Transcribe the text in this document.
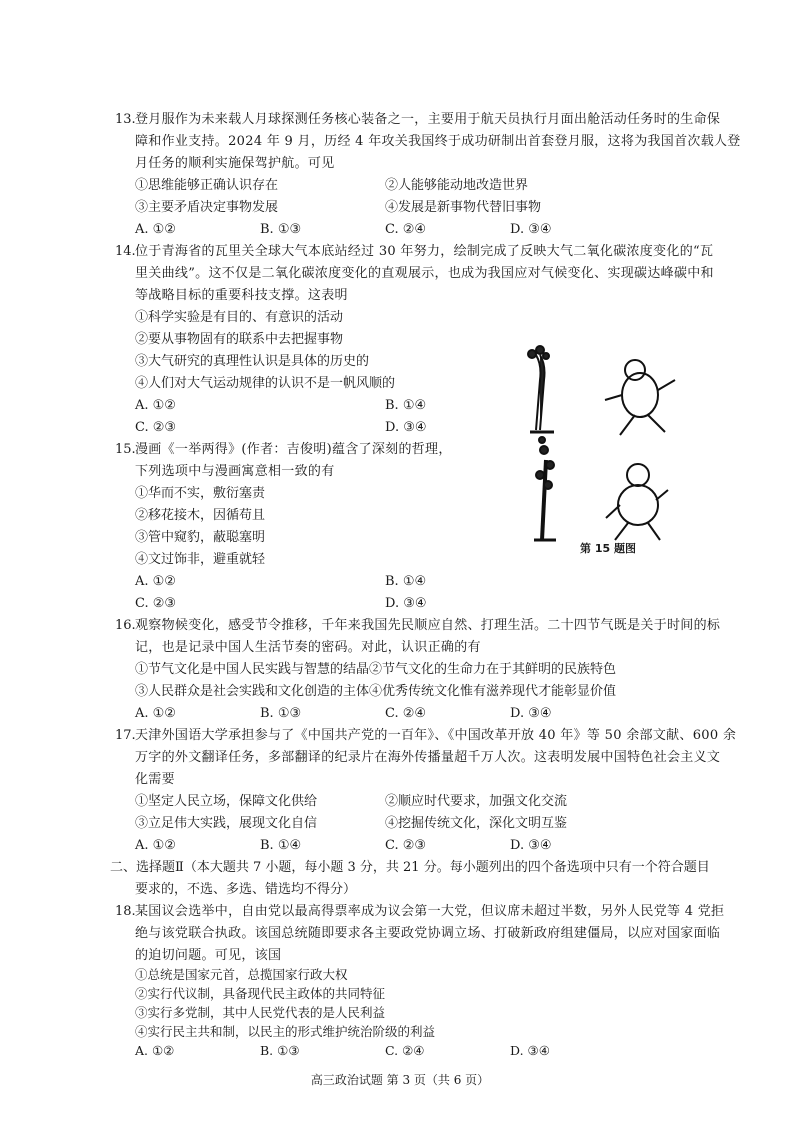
13. 登月服作为未来载人月球探测任务核心装备之一，主要用于航天员执行月面出舱活动任务时的生命保
障和作业支持。2024 年 9 月，历经 4 年攻关我国终于成功研制出首套登月服，这将为我国首次载人登
月任务的顺利实施保驾护航。可见
①思维能够正确认识存在	②人能够能动地改造世界
③主要矛盾决定事物发展	④发展是新事物代替旧事物
A. ①②	B. ①③	C. ②④	D. ③④
14. 位于青海省的瓦里关全球大气本底站经过 30 年努力，绘制完成了反映大气二氧化碳浓度变化的“瓦
里关曲线”。这不仅是二氧化碳浓度变化的直观展示，也成为我国应对气候变化、实现碳达峰碳中和
等战略目标的重要科技支撑。这表明
①科学实验是有目的、有意识的活动
②要从事物固有的联系中去把握事物
③大气研究的真理性认识是具体的历史的
④人们对大气运动规律的认识不是一帆风顺的
A. ①②	B. ①④
C. ②③	D. ③④
15. 漫画《一举两得》(作者：吉俊明)蕴含了深刻的哲理，
下列选项中与漫画寓意相一致的有
①华而不实，敷衍塞责
②移花接木，因循苟且
③管中窥豹，蔽聪塞明
④文过饰非，避重就轻
A. ①②	B. ①④
C. ②③	D. ③④
第 15 题图
16. 观察物候变化，感受节令推移，千年来我国先民顺应自然、打理生活。二十四节气既是关于时间的标
记，也是记录中国人生活节奏的密码。对此，认识正确的有
①节气文化是中国人民实践与智慧的结晶②节气文化的生命力在于其鲜明的民族特色
③人民群众是社会实践和文化创造的主体④优秀传统文化惟有滋养现代才能彰显价值
A. ①②	B. ①③	C. ②④	D. ③④
17. 天津外国语大学承担参与了《中国共产党的一百年》、《中国改革开放 40 年》等 50 余部文献、600 余
万字的外文翻译任务，多部翻译的纪录片在海外传播量超千万人次。这表明发展中国特色社会主义文
化需要
①坚定人民立场，保障文化供给	②顺应时代要求，加强文化交流
③立足伟大实践，展现文化自信	④挖掘传统文化，深化文明互鉴
A. ①②	B. ①④	C. ②③	D. ③④
二、选择题Ⅱ（本大题共 7 小题，每小题 3 分，共 21 分。每小题列出的四个备选项中只有一个符合题目
要求的，不选、多选、错选均不得分）
18. 某国议会选举中，自由党以最高得票率成为议会第一大党，但议席未超过半数，另外人民党等 4 党拒
绝与该党联合执政。该国总统随即要求各主要政党协调立场、打破新政府组建僵局，以应对国家面临
的迫切问题。可见，该国
①总统是国家元首，总揽国家行政大权
②实行代议制，具备现代民主政体的共同特征
③实行多党制，其中人民党代表的是人民利益
④实行民主共和制，以民主的形式维护统治阶级的利益
A. ①②	B. ①③	C. ②④	D. ③④
高三政治试题 第 3 页（共 6 页）
